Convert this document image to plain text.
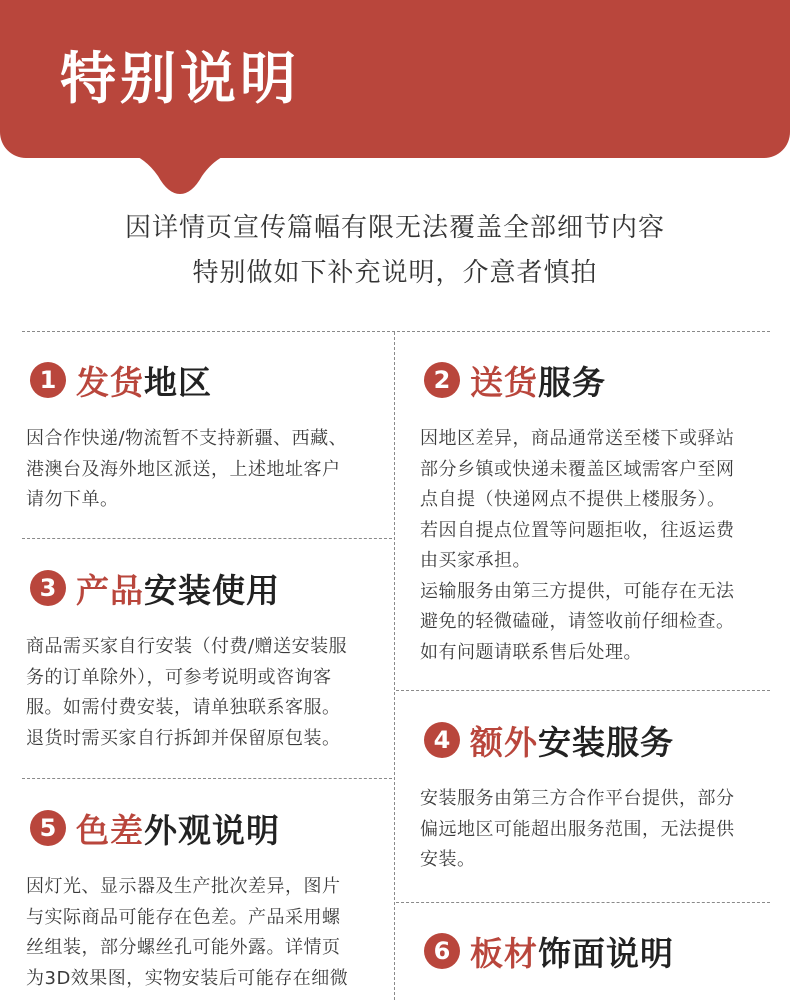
特别说明
因详情页宣传篇幅有限无法覆盖全部细节内容
特别做如下补充说明，介意者慎拍
1 发货 地区
因合作快递/物流暂不支持新疆、西藏、
港澳台及海外地区派送，上述地址客户
请勿下单。
2 送货 服务
因地区差异，商品通常送至楼下或驿站
部分乡镇或快递未覆盖区域需客户至网
点自提（快递网点不提供上楼服务）。
若因自提点位置等问题拒收，往返运费
由买家承担。
运输服务由第三方提供，可能存在无法
避免的轻微磕碰，请签收前仔细检查。
如有问题请联系售后处理。
3 产品 安装使用
商品需买家自行安装（付费/赠送安装服
务的订单除外），可参考说明或咨询客
服。如需付费安装，请单独联系客服。
退货时需买家自行拆卸并保留原包装。	4 额外 安装服务
安装服务由第三方合作平台提供，部分
偏远地区可能超出服务范围，无法提供
安装。
5 色差 外观说明
因灯光、显示器及生产批次差异，图片
与实际商品可能存在色差。产品采用螺
丝组装，部分螺丝孔可能外露。详情页
为3D效果图，实物安装后可能存在细微
6 板材 饰面说明
